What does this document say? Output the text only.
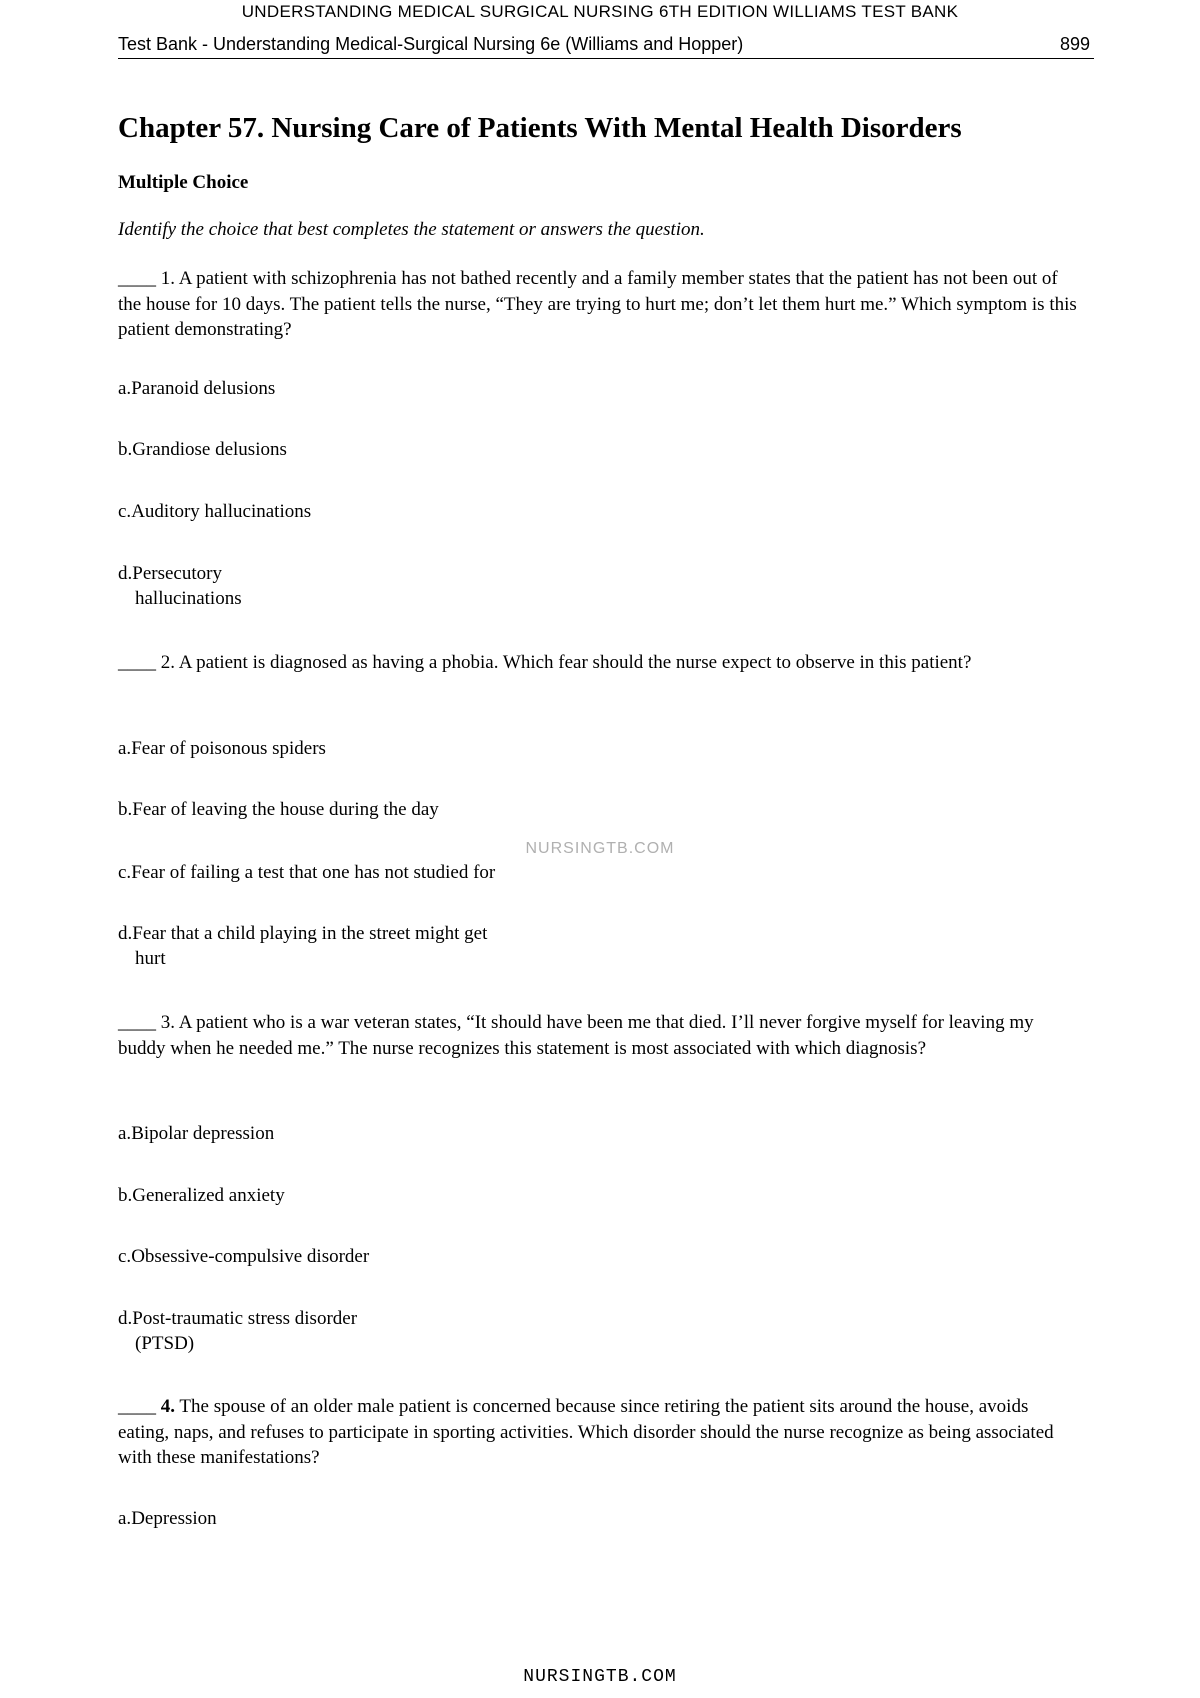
UNDERSTANDING MEDICAL SURGICAL NURSING 6TH EDITION WILLIAMS TEST BANK
Test Bank - Understanding Medical-Surgical Nursing 6e (Williams and Hopper)	899
Chapter 57. Nursing Care of Patients With Mental Health Disorders
Multiple Choice

Identify the choice that best completes the statement or answers the question.

____ 1. A patient with schizophrenia has not bathed recently and a family member states that the patient has not been out of the house for 10 days. The patient tells the nurse, “They are trying to hurt me; don’t let them hurt me.” Which symptom is this patient demonstrating?

a.Paranoid delusions

b.Grandiose delusions

c.Auditory hallucinations

d.Persecutory
hallucinations

____ 2. A patient is diagnosed as having a phobia. Which fear should the nurse expect to observe in this patient?

a.Fear of poisonous spiders

b.Fear of leaving the house during the day

c.Fear of failing a test that one has not studied for

d.Fear that a child playing in the street might get
hurt

____ 3. A patient who is a war veteran states, “It should have been me that died. I’ll never forgive myself for leaving my buddy when he needed me.” The nurse recognizes this statement is most associated with which diagnosis?

a.Bipolar depression

b.Generalized anxiety

c.Obsessive-compulsive disorder

d.Post-traumatic stress disorder
(PTSD)

____ 4. The spouse of an older male patient is concerned because since retiring the patient sits around the house, avoids eating, naps, and refuses to participate in sporting activities. Which disorder should the nurse recognize as being associated with these manifestations?

a.Depression

NURSINGTB.COM
NURSINGTB.COM
